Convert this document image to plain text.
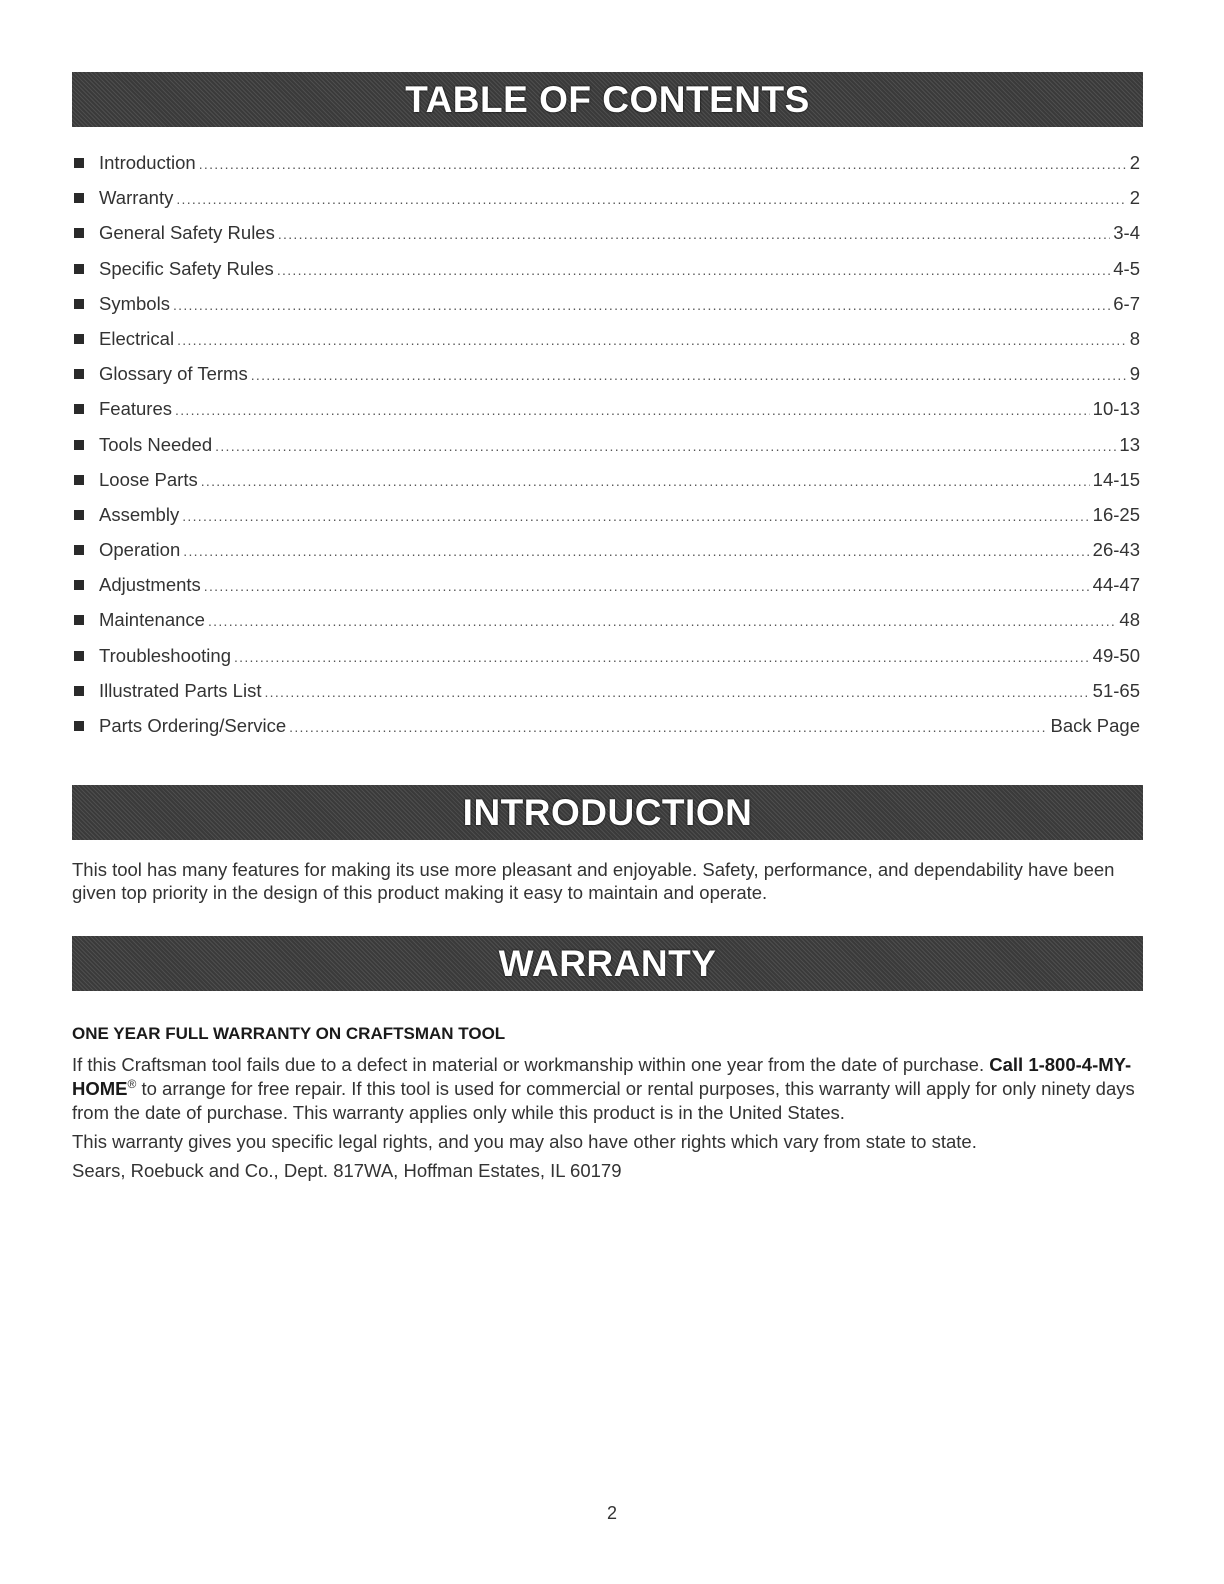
TABLE OF CONTENTS
Introduction .....	2
Warranty .....	2
General Safety Rules .....	3-4
Specific Safety Rules .....	4-5
Symbols .....	6-7
Electrical .....	8
Glossary of Terms .....	9
Features .....	10-13
Tools Needed .....	13
Loose Parts .....	14-15
Assembly .....	16-25
Operation .....	26-43
Adjustments .....	44-47
Maintenance .....	48
Troubleshooting .....	49-50
Illustrated Parts List .....	51-65
Parts Ordering/Service .....	Back Page
INTRODUCTION

This tool has many features for making its use more pleasant and enjoyable. Safety, performance, and dependability have been given top priority in the design of this product making it easy to maintain and operate.

WARRANTY
ONE YEAR FULL WARRANTY ON CRAFTSMAN TOOL

If this Craftsman tool fails due to a defect in material or workmanship within one year from the date of purchase. Call 1-800-4-MY-HOME® to arrange for free repair. If this tool is used for commercial or rental purposes, this warranty will apply for only ninety days from the date of purchase. This warranty applies only while this product is in the United States.

This warranty gives you specific legal rights, and you may also have other rights which vary from state to state.

Sears, Roebuck and Co., Dept. 817WA, Hoffman Estates, IL 60179

2
